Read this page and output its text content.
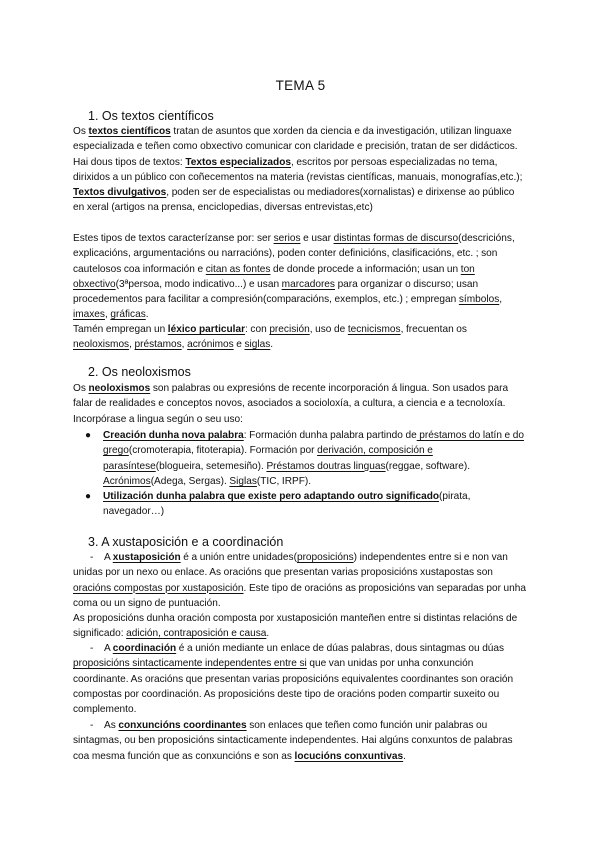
TEMA 5
1. Os textos científicos

Os textos científicos tratan de asuntos que xorden da ciencia e da investigación, utilizan linguaxe especializada e teñen como obxectivo comunicar con claridade e precisión, tratan de ser didácticos. Hai dous tipos de textos: Textos especializados, escritos por persoas especializadas no tema, dirixidos a un público con coñecementos na materia (revistas científicas, manuais, monografías,etc.); Textos divulgativos, poden ser de especialistas ou mediadores(xornalistas) e dirixense ao público en xeral (artigos na prensa, enciclopedias, diversas entrevistas,etc)

Estes tipos de textos caracterízanse por: ser serios e usar distintas formas de discurso(descricións, explicacións, argumentacións ou narracións), poden conter definicións, clasificacións, etc. ; son cautelosos coa información e citan as fontes de donde procede a información; usan un ton obxectivo(3ªpersoa, modo indicativo...) e usan marcadores para organizar o discurso; usan procedementos para facilitar a compresión(comparacións, exemplos, etc.) ; empregan símbolos, imaxes, gráficas.

Tamén empregan un léxico particular: con precisión, uso de tecnicismos, frecuentan os neoloxismos, préstamos, acrónimos e siglas.

2. Os neoloxismos

Os neoloxismos son palabras ou expresións de recente incorporación á lingua. Son usados para falar de realidades e conceptos novos, asociados a socioloxía, a cultura, a ciencia e a tecnoloxía. Incorpórase a lingua según o seu uso:

● Creación dunha nova palabra: Formación dunha palabra partindo de préstamos do latín e do grego(cromoterapia, fitoterapia). Formación por derivación, composición e parasíntese(blogueira, setemesiño). Préstamos doutras linguas(reggae, software). Acrónimos(Adega, Sergas). Siglas(TIC, IRPF).
● Utilización dunha palabra que existe pero adaptando outro significado(pirata, navegador…)
3. A xustaposición e a coordinación

- A xustaposición é a unión entre unidades(proposicións) independentes entre si e non van unidas por un nexo ou enlace. As oracións que presentan varias proposicións xustapostas son oracións compostas por xustaposición. Este tipo de oracións as proposicións van separadas por unha coma ou un signo de puntuación.

As proposicións dunha oración composta por xustaposición manteñen entre si distintas relacións de significado: adición, contraposición e causa.

- A coordinación é a unión mediante un enlace de dúas palabras, dous sintagmas ou dúas proposicións sintacticamente independentes entre si que van unidas por unha conxunción coordinante. As oracións que presentan varias proposicións equivalentes coordinantes son oración compostas por coordinación. As proposicións deste tipo de oracións poden compartir suxeito ou complemento.

- As conxuncións coordinantes son enlaces que teñen como función unir palabras ou sintagmas, ou ben proposicións sintacticamente independentes. Hai algúns conxuntos de palabras coa mesma función que as conxuncións e son as locucións conxuntivas.
